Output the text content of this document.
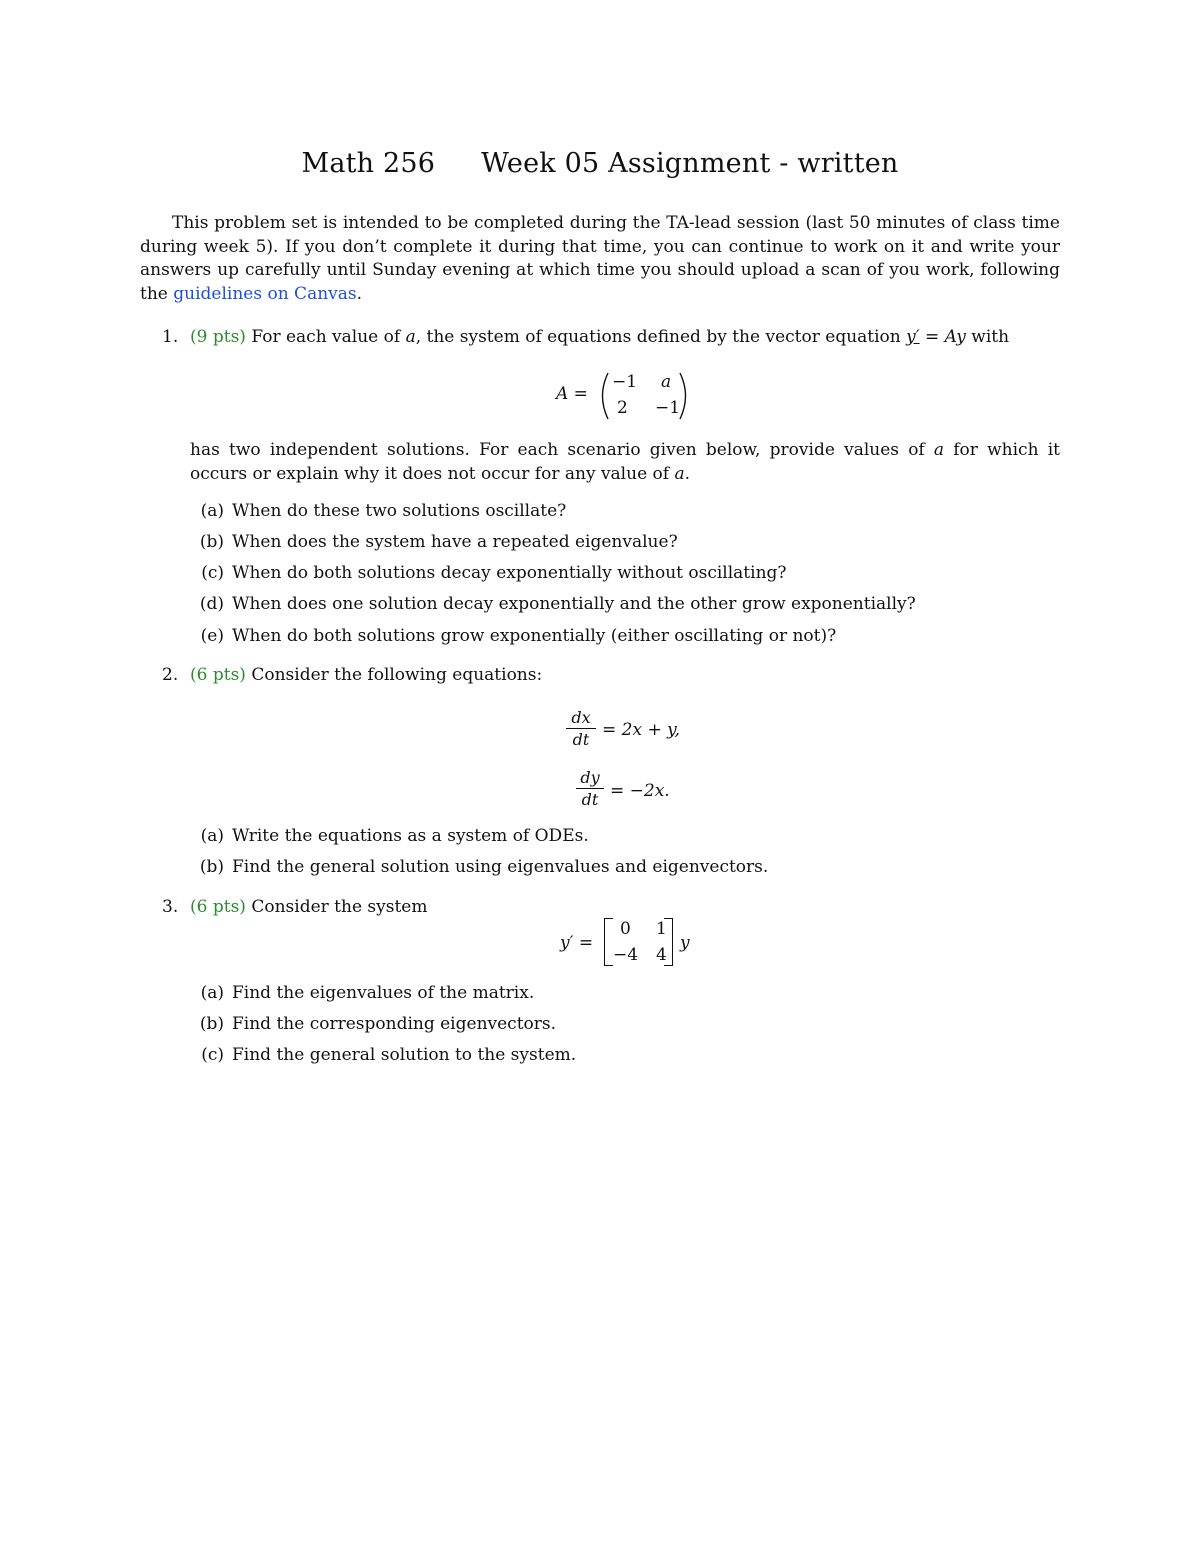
Math 256 Week 05 Assignment - written
This problem set is intended to be completed during the TA-lead session (last 50 minutes of class time during week 5). If you don’t complete it during that time, you can continue to work on it and write your answers up carefully until Sunday evening at which time you should upload a scan of you work, following the guidelines on Canvas.
1. (9 pts) For each value of a, the system of equations defined by the vector equation y′ = Ay with
A =
−1 a
2 −1
has two independent solutions. For each scenario given below, provide values of a for which it occurs or explain why it does not occur for any value of a.
(a) When do these two solutions oscillate?
(b) When does the system have a repeated eigenvalue?
(c) When do both solutions decay exponentially without oscillating?
(d) When does one solution decay exponentially and the other grow exponentially?
(e) When do both solutions grow exponentially (either oscillating or not)?
2. (6 pts) Consider the following equations:
dx
dt = 2x + y,
dy
dt = −2x.
(a) Write the equations as a system of ODEs.
(b) Find the general solution using eigenvalues and eigenvectors.
3. (6 pts) Consider the system
y′ =
0 1
−4 4
y
(a) Find the eigenvalues of the matrix.
(b) Find the corresponding eigenvectors.
(c) Find the general solution to the system.
